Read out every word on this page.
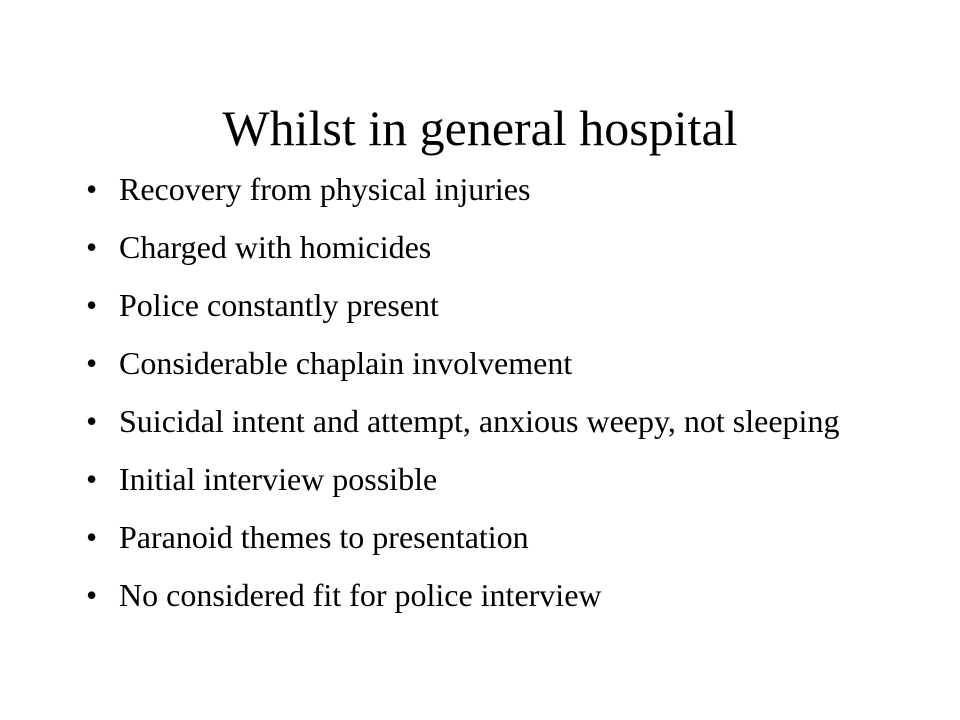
Whilst in general hospital
• Recovery from physical injuries
• Charged with homicides
• Police constantly present
• Considerable chaplain involvement
• Suicidal intent and attempt, anxious weepy, not sleeping
• Initial interview possible
• Paranoid themes to presentation
• No considered fit for police interview
